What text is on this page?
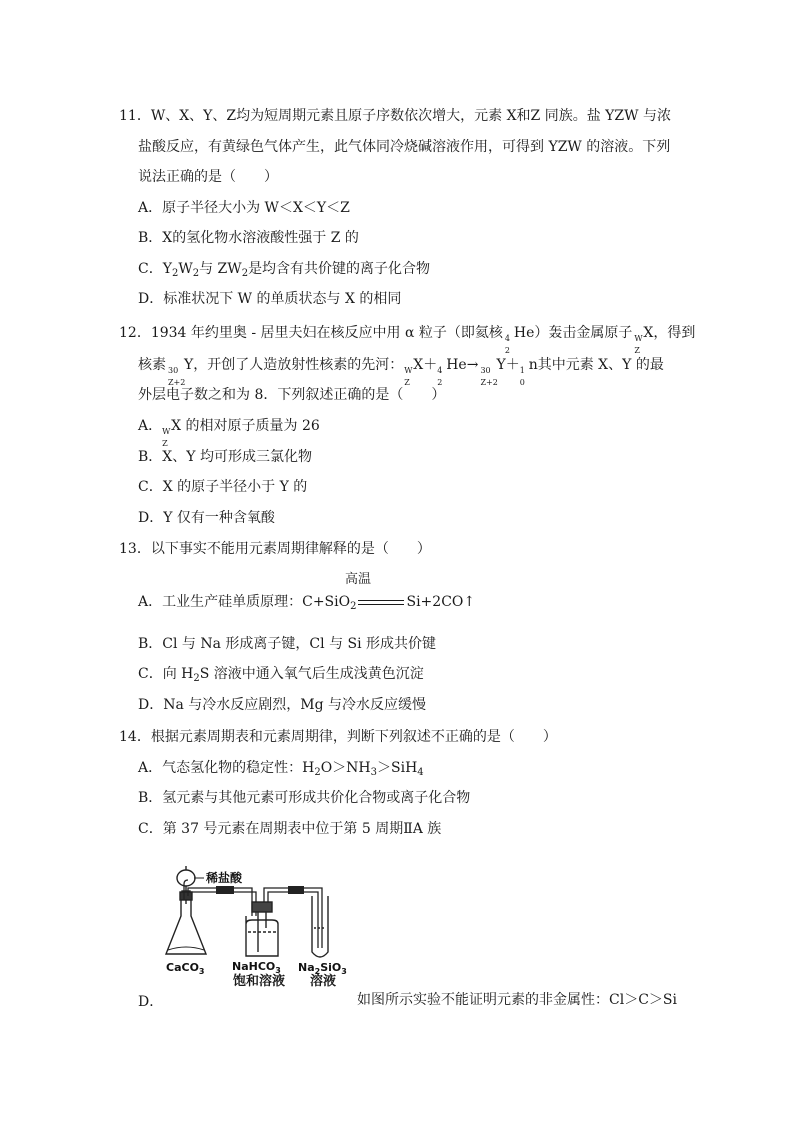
11．W、X、Y、Z均为短周期元素且原子序数依次增大，元素 X和Z 同族。盐 YZW 与浓
盐酸反应，有黄绿色气体产生，此气体同冷烧碱溶液作用，可得到 YZW 的溶液。下列
说法正确的是（　　）
A．原子半径大小为 W＜X＜Y＜Z
B．X的氢化物水溶液酸性强于 Z 的
C．$Y_2W_2$与 $ZW_2$是均含有共价键的离子化合物
D．标准状况下 W 的单质状态与 X 的相同
12．1934 年约里奥 - 居里夫妇在核反应中用 α 粒子（即氦核 4
2
He）轰击金属原子 W
Z
X，得到
核素 30
Z+2
Y，开创了人造放射性核素的先河： W
Z
X＋ 4
2
He→ 30
Z+2
Y＋ 1
0
n其中元素 X、Y 的最
外层电子数之和为 8．下列叙述正确的是（　　）
A． W
Z
X 的相对原子质量为 26
B．X、Y 均可形成三氯化物
C．X 的原子半径小于 Y 的
D．Y 仅有一种含氧酸
13．以下事实不能用元素周期律解释的是（　　）
高温
A．工业生产硅单质原理：C+SiO$_2$	Si+2CO↑
B．Cl 与 Na 形成离子键，Cl 与 Si 形成共价键
C．向 $H_2S$ 溶液中通入氧气后生成浅黄色沉淀
D．Na 与冷水反应剧烈，Mg 与冷水反应缓慢
14．根据元素周期表和元素周期律，判断下列叙述不正确的是（　　）
A．气态氢化物的稳定性：$H_2O>NH_3>SiH_4$
B．氢元素与其他元素可形成共价化合物或离子化合物
C．第 37 号元素在周期表中位于第 5 周期ⅡA 族
稀盐酸
CaCO$_3$	NaHCO$_3$ $Na_2SiO_3$
饱和溶液 溶液
D．	如图所示实验不能证明元素的非金属性：Cl＞C＞Si
